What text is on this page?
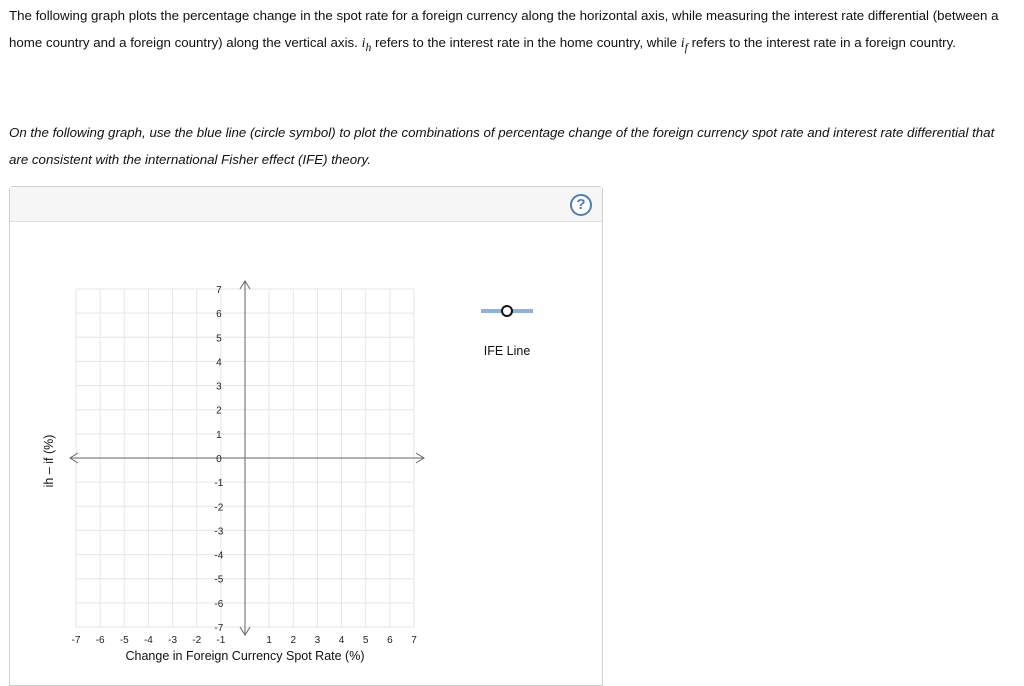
The following graph plots the percentage change in the spot rate for a foreign currency along the horizontal axis, while measuring the interest rate differential (between a home country and a foreign country) along the vertical axis. $i_h$ refers to the interest rate in the home country, while $i_f$ refers to the interest rate in a foreign country.

On the following graph, use the blue line (circle symbol) to plot the combinations of percentage change of the foreign currency spot rate and interest rate differential that are consistent with the international Fisher effect (IFE) theory.

?
-7 -6 -5 -4 -3 -2 -1	1 2 3 4 5 6 7
7
6
5
4
3
2
1
0
-1
-2
-3
-4
-5
-6
-7
Change in Foreign Currency Spot Rate (%)
ih – if (%)
IFE Line
